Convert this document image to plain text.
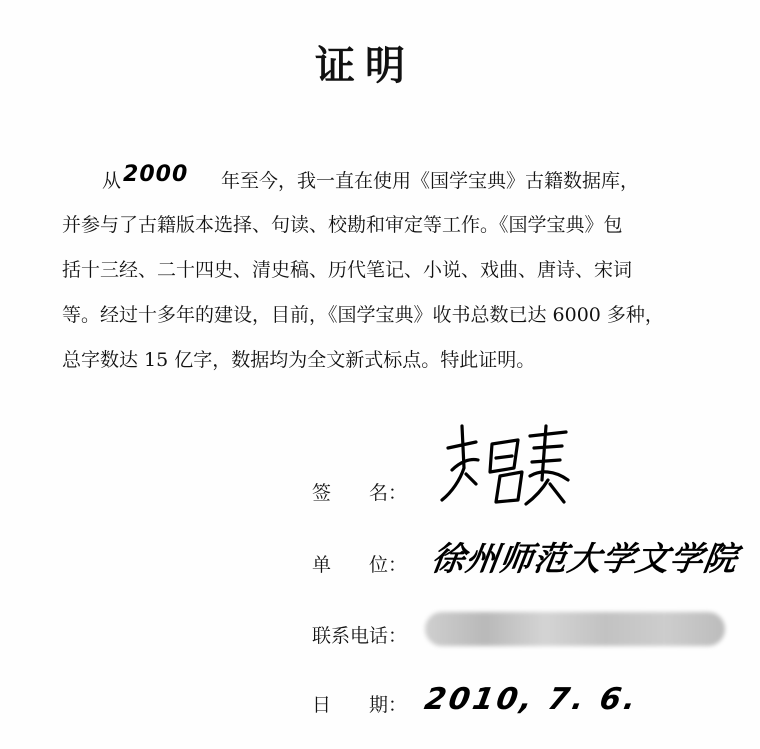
证明
从2000 年至今，我一直在使用《国学宝典》古籍数据库，
并参与了古籍版本选择、句读、校勘和审定等工作。《国学宝典》包
括十三经、二十四史、清史稿、历代笔记、小说、戏曲、唐诗、宋词
等。经过十多年的建设，目前，《国学宝典》收书总数已达 6000 多种，
总字数达 15 亿字，数据均为全文新式标点。特此证明。
签　　名：
单　　位： 徐州师范大学文学院
联系电话：
日　　期： 2010, 7. 6.
